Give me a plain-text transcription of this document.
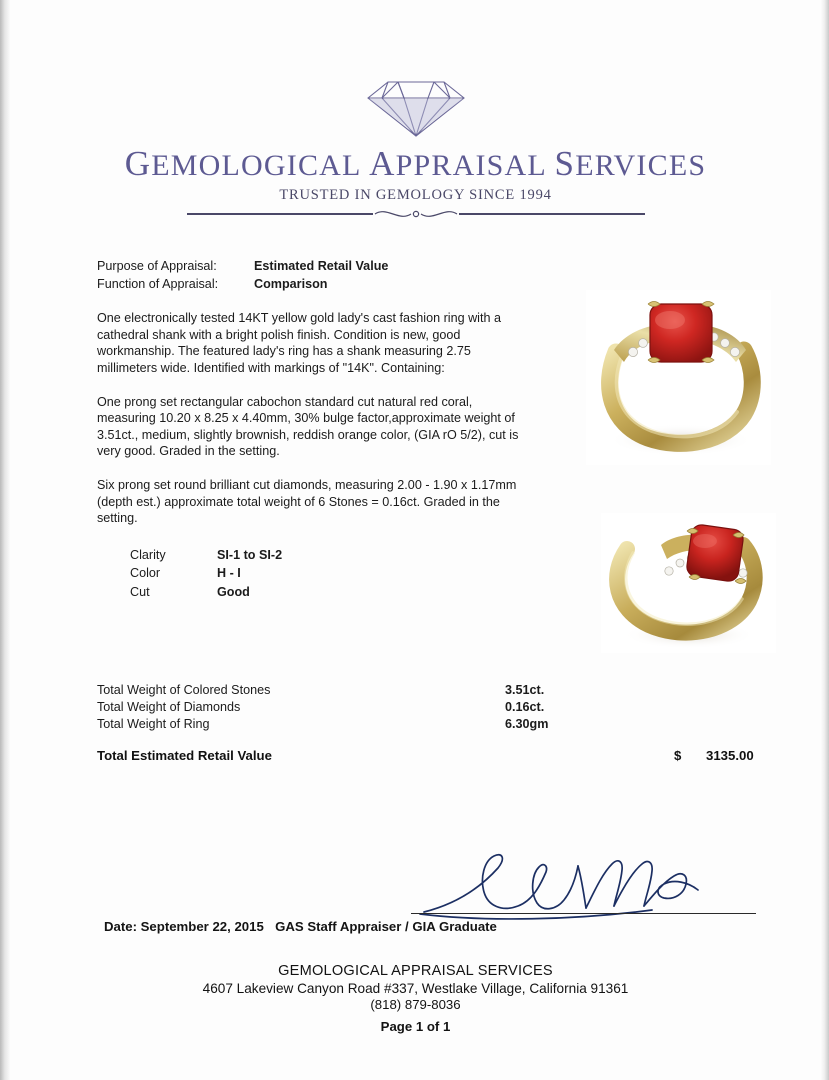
GEMOLOGICAL APPRAISAL SERVICES
TRUSTED IN GEMOLOGY SINCE 1994
Purpose of Appraisal:	Estimated Retail Value
Function of Appraisal:	Comparison
One electronically tested 14KT yellow gold lady's cast fashion ring with a cathedral shank with a bright polish finish. Condition is new, good workmanship. The featured lady's ring has a shank measuring 2.75 millimeters wide. Identified with markings of "14K". Containing:
One prong set rectangular cabochon standard cut natural red coral, measuring 10.20 x 8.25 x 4.40mm, 30% bulge factor,approximate weight of 3.51ct., medium, slightly brownish, reddish orange color, (GIA rO 5/2), cut is very good. Graded in the setting.
Six prong set round brilliant cut diamonds, measuring 2.00 - 1.90 x 1.17mm (depth est.) approximate total weight of 6 Stones = 0.16ct. Graded in the setting.
Clarity	SI-1 to SI-2
Color	H - I
Cut	Good
Total Weight of Colored Stones	3.51ct.
Total Weight of Diamonds	0.16ct.
Total Weight of Ring	6.30gm
Total Estimated Retail Value	$ 3135.00
GAS Staff Appraiser / GIA Graduate
Date: September 22, 2015
GEMOLOGICAL APPRAISAL SERVICES
4607 Lakeview Canyon Road #337, Westlake Village, California 91361
(818) 879-8036
Page 1 of 1
